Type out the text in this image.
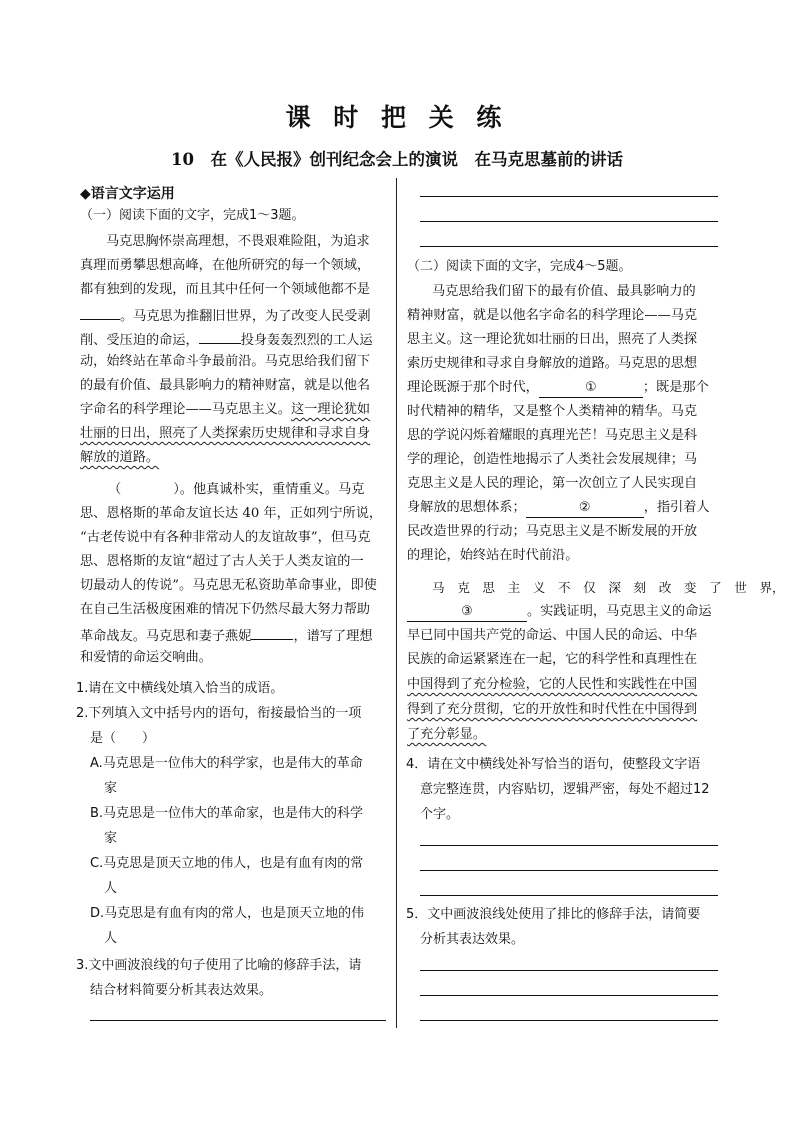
课 时 把 关 练
10　在《人民报》创刊纪念会上的演说　在马克思墓前的讲话
◆语言文字运用
（一）阅读下面的文字，完成1～3题。
马克思胸怀崇高理想，不畏艰难险阻，为追求
真理而勇攀思想高峰，在他所研究的每一个领域，
都有独到的发现，而且其中任何一个领域他都不是
。马克思为推翻旧世界，为了改变人民受剥
削、受压迫的命运，	投身轰轰烈烈的工人运
动，始终站在革命斗争最前沿。马克思给我们留下
的最有价值、最具影响力的精神财富，就是以他名
字命名的科学理论——马克思主义。这一理论犹如
壮丽的日出，照亮了人类探索历史规律和寻求自身
解放的道路。
（	）。他真诚朴实，重情重义。马克
思、恩格斯的革命友谊长达 40 年，正如列宁所说，
“古老传说中有各种非常动人的友谊故事”，但马克
思、恩格斯的友谊“超过了古人关于人类友谊的一
切最动人的传说”。马克思无私资助革命事业，即使
在自己生活极度困难的情况下仍然尽最大努力帮助
革命战友。马克思和妻子燕妮	，谱写了理想
和爱情的命运交响曲。
1.请在文中横线处填入恰当的成语。
2.下列填入文中括号内的语句，衔接最恰当的一项
是（　　）
A.马克思是一位伟大的科学家，也是伟大的革命
家
B.马克思是一位伟大的革命家，也是伟大的科学
家
C.马克思是顶天立地的伟人，也是有血有肉的常
人
D.马克思是有血有肉的常人，也是顶天立地的伟
人
3.文中画波浪线的句子使用了比喻的修辞手法，请
结合材料简要分析其表达效果。
（二）阅读下面的文字，完成4～5题。
马克思给我们留下的最有价值、最具影响力的
精神财富，就是以他名字命名的科学理论——马克
思主义。这一理论犹如壮丽的日出，照亮了人类探
索历史规律和寻求自身解放的道路。马克思的思想
理论既源于那个时代，	①	；既是那个
时代精神的精华，又是整个人类精神的精华。马克
思的学说闪烁着耀眼的真理光芒！马克思主义是科
学的理论，创造性地揭示了人类社会发展规律；马
克思主义是人民的理论，第一次创立了人民实现自
身解放的思想体系；	②	，指引着人
民改造世界的行动；马克思主义是不断发展的开放
的理论，始终站在时代前沿。
马　克　思　主　义　不　仅　深　刻　改　变　了　世　界，
③	。实践证明，马克思主义的命运
早已同中国共产党的命运、中国人民的命运、中华
民族的命运紧紧连在一起，它的科学性和真理性在
中国得到了充分检验，它的人民性和实践性在中国
得到了充分贯彻，它的开放性和时代性在中国得到
了充分彰显。
4．请在文中横线处补写恰当的语句，使整段文字语
意完整连贯，内容贴切，逻辑严密，每处不超过12
个字。
5．文中画波浪线处使用了排比的修辞手法，请简要
分析其表达效果。
